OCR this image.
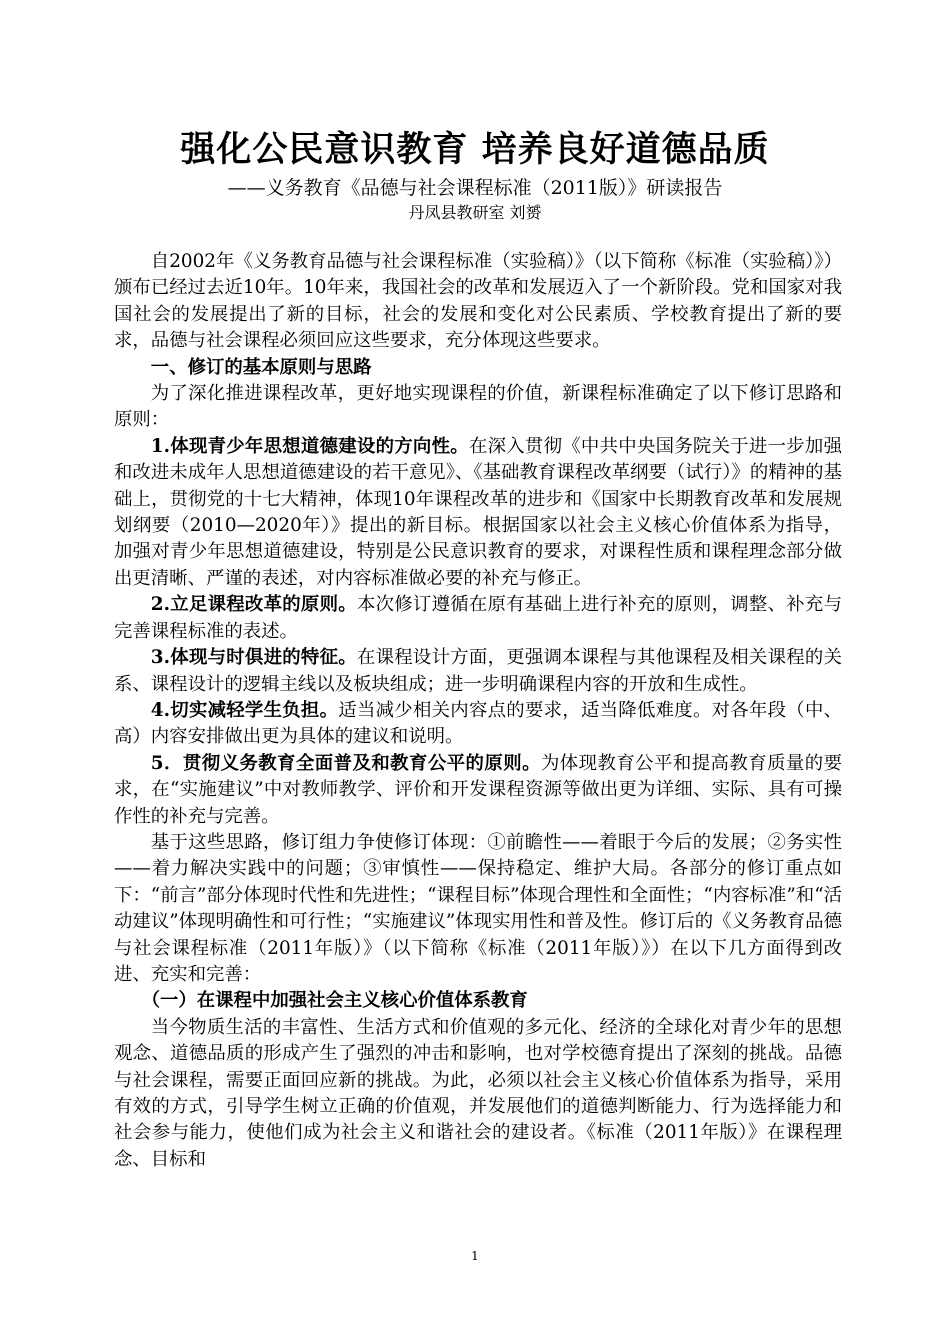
强化公民意识教育 培养良好道德品质
——义务教育《品德与社会课程标准（2011版）》研读报告
丹凤县教研室 刘赟

自2002年《义务教育品德与社会课程标准（实验稿）》（以下简称《标准（实验稿）》）颁布已经过去近10年。10年来，我国社会的改革和发展迈入了一个新阶段。党和国家对我国社会的发展提出了新的目标，社会的发展和变化对公民素质、学校教育提出了新的要求，品德与社会课程必须回应这些要求，充分体现这些要求。

一、修订的基本原则与思路

为了深化推进课程改革，更好地实现课程的价值，新课程标准确定了以下修订思路和原则：

1.体现青少年思想道德建设的方向性。在深入贯彻《中共中央国务院关于进一步加强和改进未成年人思想道德建设的若干意见》、《基础教育课程改革纲要（试行）》的精神的基础上，贯彻党的十七大精神，体现10年课程改革的进步和《国家中长期教育改革和发展规划纲要（2010—2020年）》提出的新目标。根据国家以社会主义核心价值体系为指导，加强对青少年思想道德建设，特别是公民意识教育的要求，对课程性质和课程理念部分做出更清晰、严谨的表述，对内容标准做必要的补充与修正。

2.立足课程改革的原则。本次修订遵循在原有基础上进行补充的原则，调整、补充与完善课程标准的表述。

3.体现与时俱进的特征。在课程设计方面，更强调本课程与其他课程及相关课程的关系、课程设计的逻辑主线以及板块组成；进一步明确课程内容的开放和生成性。

4.切实减轻学生负担。适当减少相关内容点的要求，适当降低难度。对各年段（中、高）内容安排做出更为具体的建议和说明。

5．贯彻义务教育全面普及和教育公平的原则。为体现教育公平和提高教育质量的要求，在“实施建议”中对教师教学、评价和开发课程资源等做出更为详细、实际、具有可操作性的补充与完善。

基于这些思路，修订组力争使修订体现：①前瞻性——着眼于今后的发展；②务实性——着力解决实践中的问题；③审慎性——保持稳定、维护大局。各部分的修订重点如下：“前言”部分体现时代性和先进性；“课程目标”体现合理性和全面性；“内容标准”和“活动建议”体现明确性和可行性；“实施建议”体现实用性和普及性。修订后的《义务教育品德与社会课程标准（2011年版）》（以下简称《标准（2011年版）》）在以下几方面得到改进、充实和完善：

（一）在课程中加强社会主义核心价值体系教育

当今物质生活的丰富性、生活方式和价值观的多元化、经济的全球化对青少年的思想观念、道德品质的形成产生了强烈的冲击和影响，也对学校德育提出了深刻的挑战。品德与社会课程，需要正面回应新的挑战。为此，必须以社会主义核心价值体系为指导，采用有效的方式，引导学生树立正确的价值观，并发展他们的道德判断能力、行为选择能力和社会参与能力，使他们成为社会主义和谐社会的建设者。《标准（2011年版）》在课程理念、目标和

1
